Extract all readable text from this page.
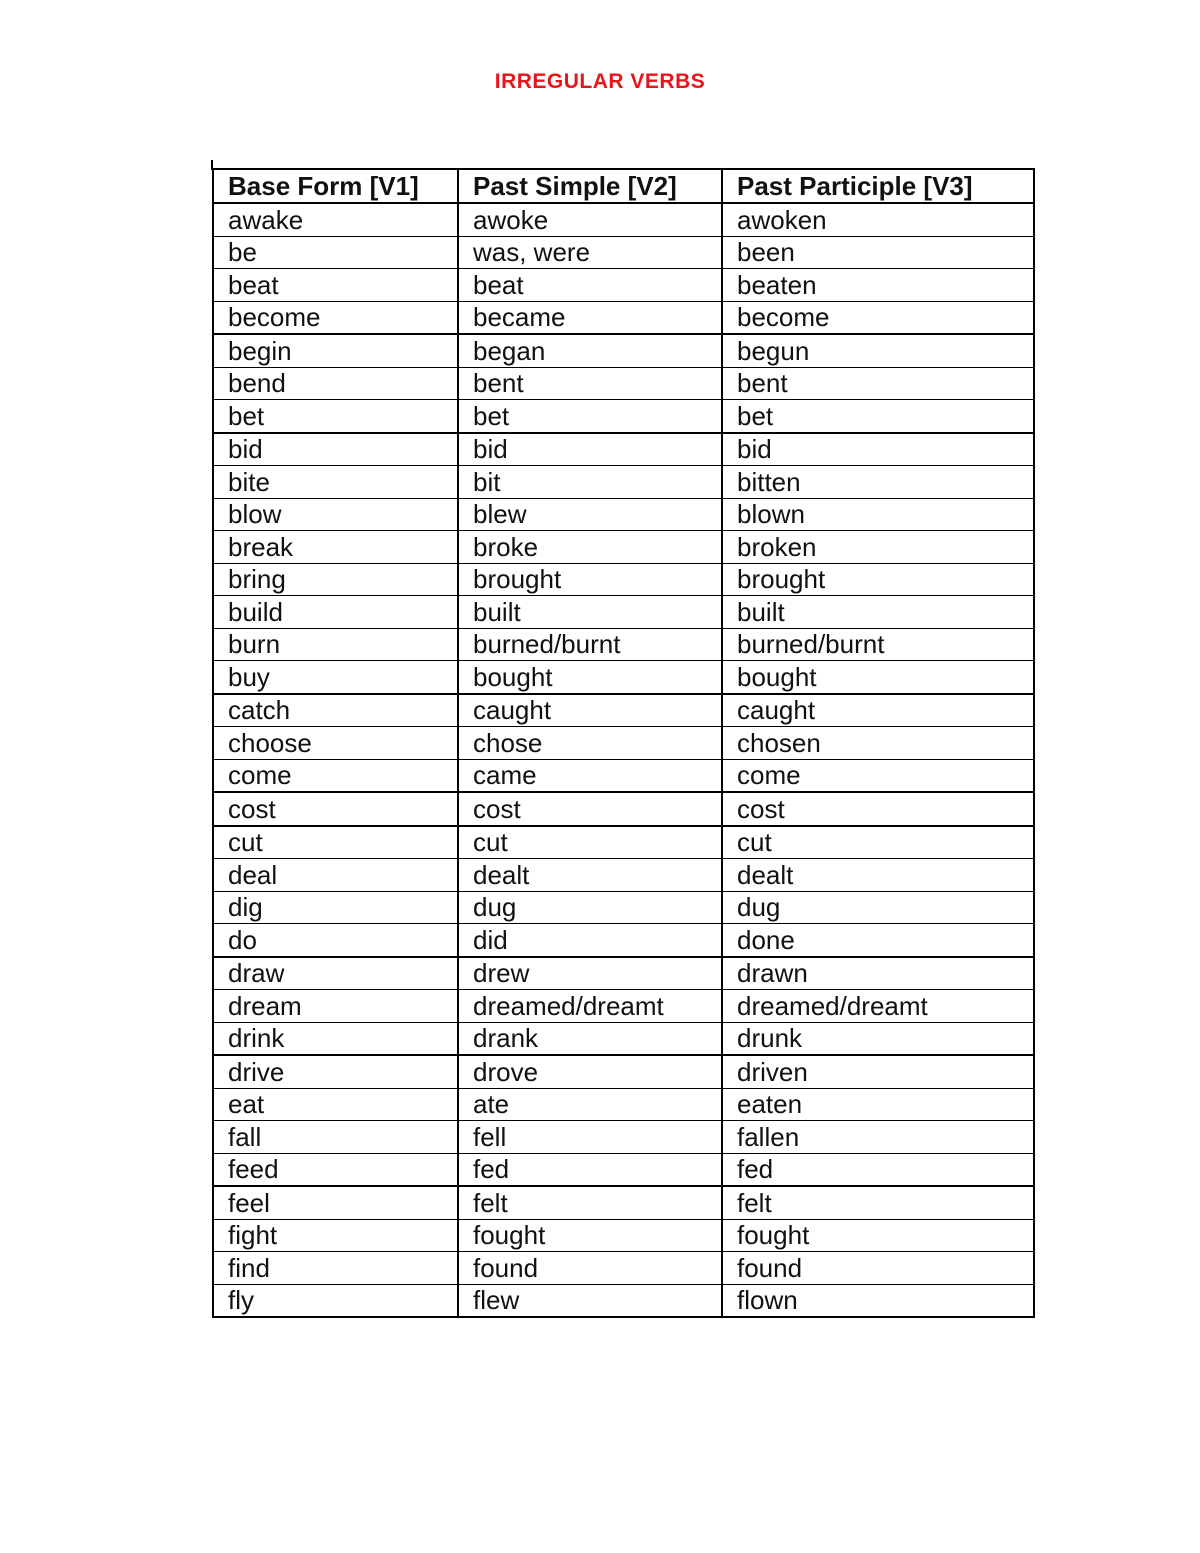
IRREGULAR VERBS
Base Form [V1]	Past Simple [V2]	Past Participle [V3]
awake	awoke	awoken
be	was, were	been
beat	beat	beaten
become	became	become
begin	began	begun
bend	bent	bent
bet	bet	bet
bid	bid	bid
bite	bit	bitten
blow	blew	blown
break	broke	broken
bring	brought	brought
build	built	built
burn	burned/burnt	burned/burnt
buy	bought	bought
catch	caught	caught
choose	chose	chosen
come	came	come
cost	cost	cost
cut	cut	cut
deal	dealt	dealt
dig	dug	dug
do	did	done
draw	drew	drawn
dream	dreamed/dreamt	dreamed/dreamt
drink	drank	drunk
drive	drove	driven
eat	ate	eaten
fall	fell	fallen
feed	fed	fed
feel	felt	felt
fight	fought	fought
find	found	found
fly	flew	flown
